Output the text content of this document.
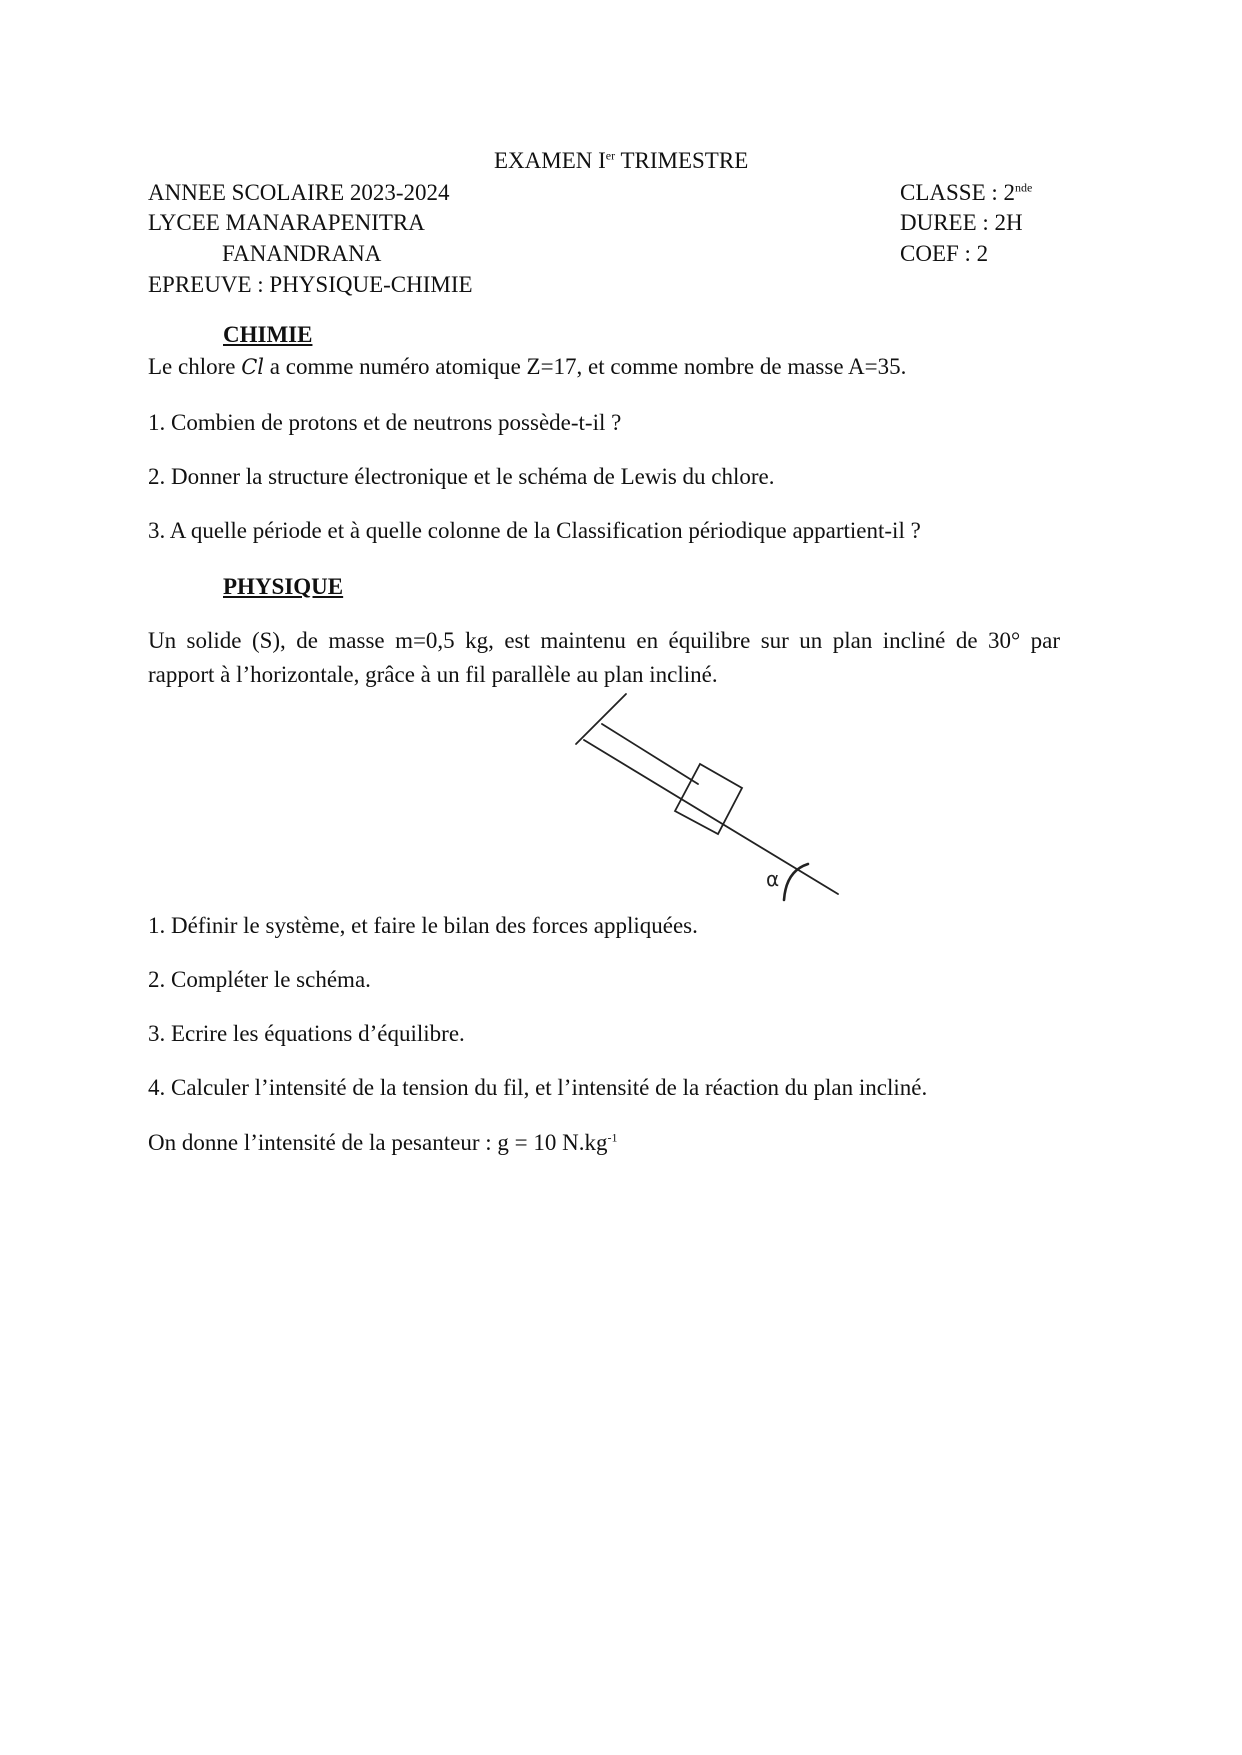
EXAMEN Ier TRIMESTRE
ANNEE SCOLAIRE 2023-2024
LYCEE MANARAPENITRA
FANANDRANA
EPREUVE : PHYSIQUE-CHIMIE
CLASSE : 2nde
DUREE : 2H
COEF : 2
CHIMIE
Le chlore Cl a comme numéro atomique Z=17, et comme nombre de masse A=35.
1. Combien de protons et de neutrons possède-t-il ?
2. Donner la structure électronique et le schéma de Lewis du chlore.
3. A quelle période et à quelle colonne de la Classification périodique appartient-il ?
PHYSIQUE
Un solide (S), de masse m=0,5 kg, est maintenu en équilibre sur un plan incliné de 30° par
rapport à l’horizontale, grâce à un fil parallèle au plan incliné.
α
1. Définir le système, et faire le bilan des forces appliquées.
2. Compléter le schéma.
3. Ecrire les équations d’équilibre.
4. Calculer l’intensité de la tension du fil, et l’intensité de la réaction du plan incliné.
On donne l’intensité de la pesanteur : g = 10 $N.kg^{-1}$
